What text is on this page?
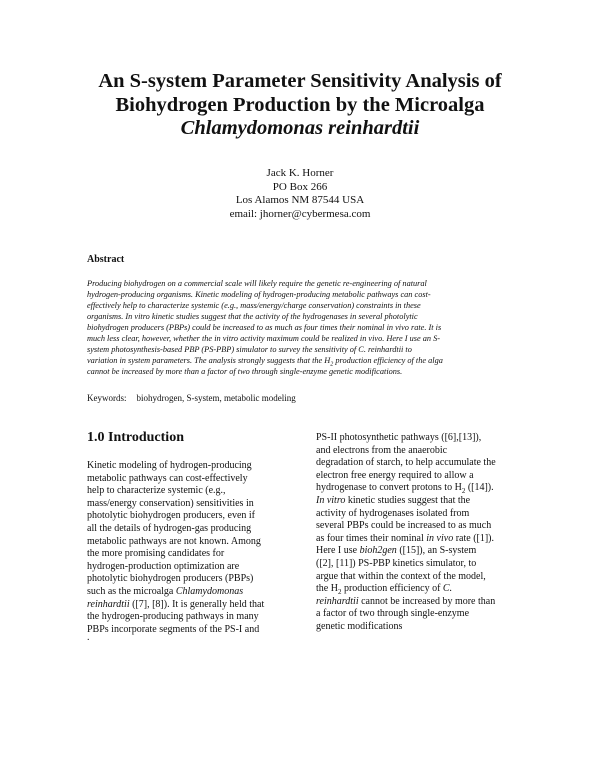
An S-system Parameter Sensitivity Analysis of
Biohydrogen Production by the Microalga
Chlamydomonas reinhardtii
Jack K. Horner
PO Box 266
Los Alamos NM 87544 USA
email: jhorner@cybermesa.com
Abstract
Producing biohydrogen on a commercial scale will likely require the genetic re-engineering of natural
hydrogen-producing organisms. Kinetic modeling of hydrogen-producing metabolic pathways can cost-
effectively help to characterize systemic (e.g., mass/energy/charge conservation) constraints in these
organisms. In vitro kinetic studies suggest that the activity of the hydrogenases in several photolytic
biohydrogen producers (PBPs) could be increased to as much as four times their nominal in vivo rate. It is
much less clear, however, whether the in vitro activity maximum could be realized in vivo. Here I use an S-
system photosynthesis-based PBP (PS-PBP) simulator to survey the sensitivity of C. reinhardtii to
variation in system parameters. The analysis strongly suggests that the $H_2$ production efficiency of the alga
cannot be increased by more than a factor of two through single-enzyme genetic modifications.
Keywords: biohydrogen, S-system, metabolic modeling
1.0 Introduction
Kinetic modeling of hydrogen-producing
metabolic pathways can cost-effectively
help to characterize systemic (e.g.,
mass/energy conservation) sensitivities in
photolytic biohydrogen producers, even if
all the details of hydrogen-gas producing
metabolic pathways are not known. Among
the more promising candidates for
hydrogen-production optimization are
photolytic biohydrogen producers (PBPs)
such as the microalga Chlamydomonas
reinhardtii ([7], [8]). It is generally held that
the hydrogen-producing pathways in many
PBPs incorporate segments of the PS-I and
.
PS-II photosynthetic pathways ([6],[13]),
and electrons from the anaerobic
degradation of starch, to help accumulate the
electron free energy required to allow a
hydrogenase to convert protons to $H_2$ ([14]).
In vitro kinetic studies suggest that the
activity of hydrogenases isolated from
several PBPs could be increased to as much
as four times their nominal in vivo rate ([1]).
Here I use bioh2gen ([15]), an S-system
([2], [11]) PS-PBP kinetics simulator, to
argue that within the context of the model,
the $H_2$ production efficiency of C.
reinhardtii cannot be increased by more than
a factor of two through single-enzyme
genetic modifications
